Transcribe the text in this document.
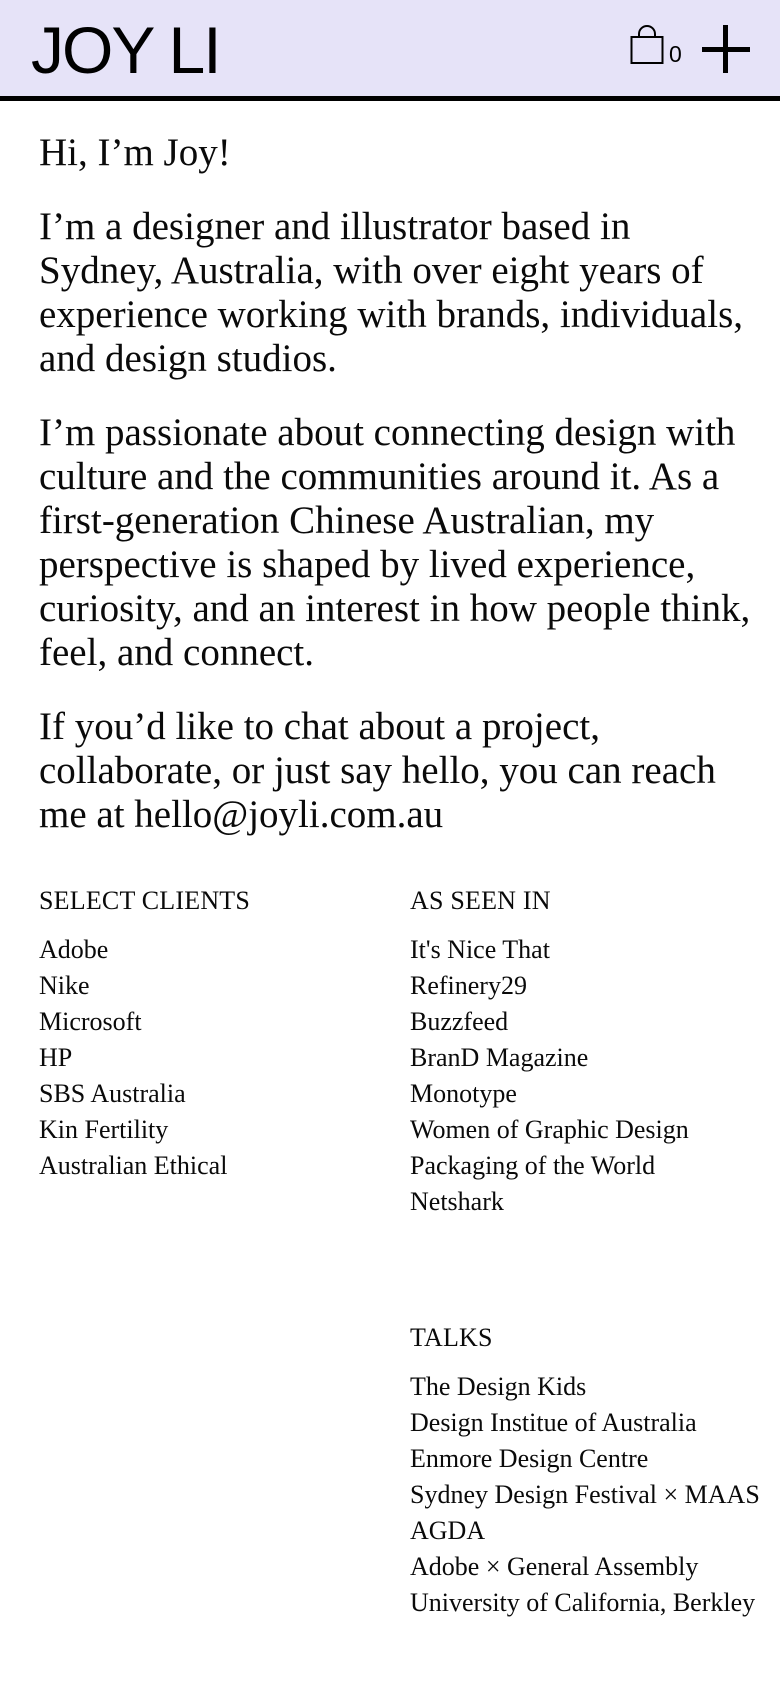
JOY LI	0

Hi, I’m Joy!

I’m a designer and illustrator based in Sydney, Australia, with over eight years of experience working with brands, individuals, and design studios.

I’m passionate about connecting design with culture and the communities around it. As a first-generation Chinese Australian, my perspective is shaped by lived experience, curiosity, and an interest in how people think, feel, and connect.

If you’d like to chat about a project, collaborate, or just say hello, you can reach me at hello@joyli.com.au

SELECT CLIENTS
Adobe
Nike
Microsoft
HP
SBS Australia
Kin Fertility
Australian Ethical
AS SEEN IN
It's Nice That
Refinery29
Buzzfeed
BranD Magazine
Monotype
Women of Graphic Design
Packaging of the World
Netshark
TALKS
The Design Kids
Design Institue of Australia
Enmore Design Centre
Sydney Design Festival × MAAS
AGDA
Adobe × General Assembly
University of California, Berkley
